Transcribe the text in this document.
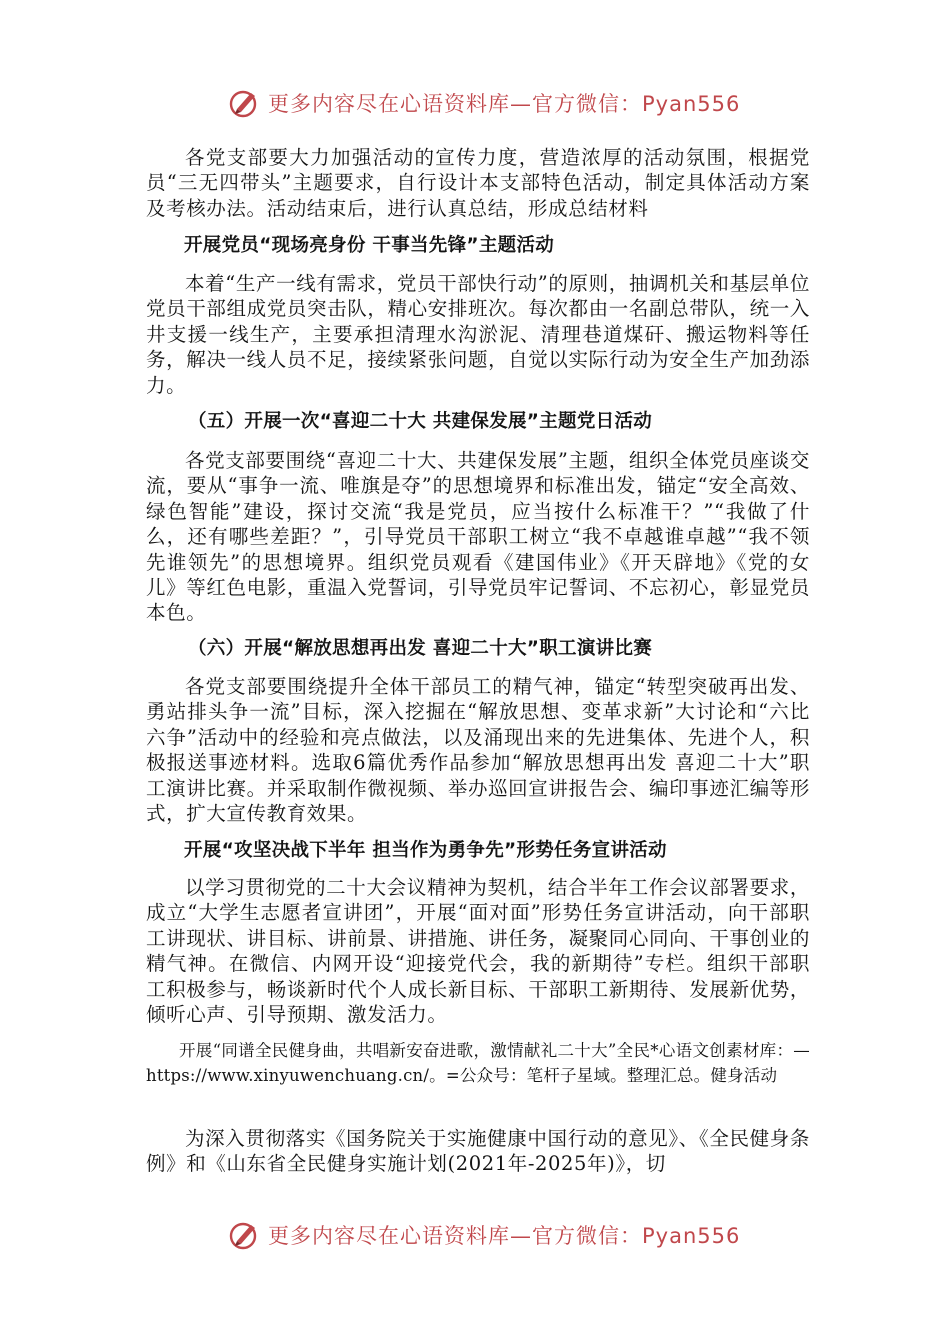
更多内容尽在心语资料库—官方微信：Pyan556
各党支部要大力加强活动的宣传力度，营造浓厚的活动氛围，根据党员“三无四带头”主题要求，自行设计本支部特色活动，制定具体活动方案及考核办法。活动结束后，进行认真总结，形成总结材料
开展党员“现场亮身份 干事当先锋”主题活动
本着“生产一线有需求，党员干部快行动”的原则，抽调机关和基层单位党员干部组成党员突击队，精心安排班次。每次都由一名副总带队，统一入井支援一线生产，主要承担清理水沟淤泥、清理巷道煤矸、搬运物料等任务，解决一线人员不足，接续紧张问题，自觉以实际行动为安全生产加劲添力。
（五）开展一次“喜迎二十大 共建保发展”主题党日活动
各党支部要围绕“喜迎二十大、共建保发展”主题，组织全体党员座谈交流，要从“事争一流、唯旗是夺”的思想境界和标准出发，锚定“安全高效、绿色智能”建设，探讨交流“我是党员，应当按什么标准干？”“我做了什么，还有哪些差距？”，引导党员干部职工树立“我不卓越谁卓越”“我不领先谁领先”的思想境界。组织党员观看《建国伟业》《开天辟地》《党的女儿》等红色电影，重温入党誓词，引导党员牢记誓词、不忘初心，彰显党员本色。
（六）开展“解放思想再出发 喜迎二十大”职工演讲比赛
各党支部要围绕提升全体干部员工的精气神，锚定“转型突破再出发、勇站排头争一流”目标，深入挖掘在“解放思想、变革求新”大讨论和“六比六争”活动中的经验和亮点做法，以及涌现出来的先进集体、先进个人，积极报送事迹材料。选取6篇优秀作品参加“解放思想再出发 喜迎二十大”职工演讲比赛。并采取制作微视频、举办巡回宣讲报告会、编印事迹汇编等形式，扩大宣传教育效果。
开展“攻坚决战下半年 担当作为勇争先”形势任务宣讲活动
以学习贯彻党的二十大会议精神为契机，结合半年工作会议部署要求，成立“大学生志愿者宣讲团”，开展“面对面”形势任务宣讲活动，向干部职工讲现状、讲目标、讲前景、讲措施、讲任务，凝聚同心同向、干事创业的精气神。在微信、内网开设“迎接党代会，我的新期待”专栏。组织干部职工积极参与，畅谈新时代个人成长新目标、干部职工新期待、发展新优势，倾听心声、引导预期、激发活力。
开展“同谱全民健身曲，共唱新安奋进歌，激情献礼二十大”全民*心语文创素材库：—https://www.xinyuwenchuang.cn/。=公众号：笔杆子星域。整理汇总。健身活动
为深入贯彻落实《国务院关于实施健康中国行动的意见》、《全民健身条例》和《山东省全民健身实施计划(2021年-2025年)》，切
更多内容尽在心语资料库—官方微信：Pyan556
